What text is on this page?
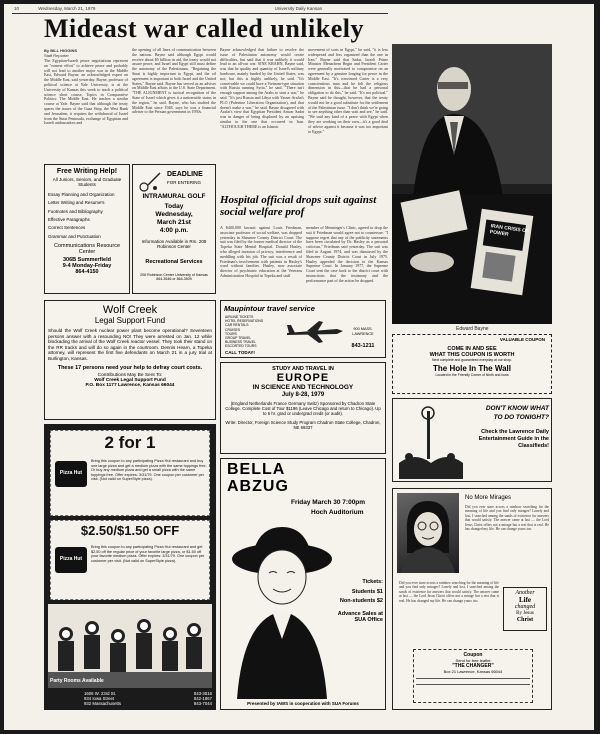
10	Wednesday, March 21, 1979	University Daily Kansan
Mideast war called unlikely
By BILL HIGGINS
Staff Reporter
The Egyptian-Israeli peace negotiations represent an "earnest effort" to achieve peace and probably will not lead to another major war in the Middle East, Edward Bayne, an acknowledged expert on the Middle East, said yesterday. Bayne, professor of political science at Yale University, is at the University of Kansas this week to teach a political science short course, Topics in Comparative Politics: The Middle East. He teaches a similar course at Yale. Bayne said that although the treaty spares the issues of the Gaza Strip, the West Bank and Jerusalem, it requires the withdrawal of Israel from the Sinai Peninsula, exchange of Egyptian and Israeli ambassadors and
the opening of all lines of communication between the nations. Bayne said although Egypt would receive about $5 billion in aid, the treaty would not assure peace, and Israel and Egypt still must define the autonomy of the Palestinians. "Regaining the Sinai is highly important to Egypt, and the oil agreement is important to both Israel and the United States," Bayne said. Bayne has served as an adviser on Middle East affairs to the U.S. State Department. "THE ALIGNMENT is tactical recognition of the State of Israel which gives it a nationwide status in the region," he said. Bayne, who has studied the Middle East since 1948, says he was a financial adviser to the Persian government in 1950s.
Bayne acknowledged that failure to resolve the issue of Palestinian autonomy would create difficulties, but said that it was unlikely it would lead to an all-out war. SINE KRAHN, Bayne said, was that he quality and quantity of Israel's military hardware, mainly funded by the United States, was not; but this is highly unlikely, he said. "It's conceivable we could have a Vietnam-type situation with Russia running Syria," he said. "There isn't enough support among the Arabs to start a war," he said. "It's just Russia and Libya with Yasser Arafat's PLO (Palestine Liberation Organization), and that doesn't make a war," he said. Bayne disagreed with Arafat's view that Egyptian President Anwar Sadat was in danger of being displaced by an uprising similar to the one that occurred in Iran. "ALTHOUGH THERE is an Islamic
movement of sorts in Egypt," he said, "it is less widespread and less organized than the one in Iran." Bayne said that Sadat, Israeli Prime Minister Menachem Begin and President Carter were generally motivated to compromise on an agreement by a genuine longing for peace in the Middle East. "It's convinced Carter is a very conscientious man and he felt the religious dimension in this—that he had a personal obligation to do this," he said. "It's not political." Bayne said he thought, however, that the treaty would not be a good substitute for the settlement of the Palestinian issue. "I don't think we're going to see anything other than wait and see," he said. "We said any kind of a peace with Egypt when they are working on their own—it's a good deal of advice against it because it was too important to Egypt."
IRAN CRISIS OF POWER
Edward Bayne
Free Writing Help!
All Juniors, Seniors, and Graduate Students
Essay Planning and Organization
Letter Writing and Resume's
Footnotes and Bibliography
Effective Paragraphs
Correct Sentences
Grammar and Punctuation
Communications Resource Center
306B Summerfield
9-4 Monday-Friday
864-4150
DEADLINE
FOR ENTERING
INTRAMURAL GOLF
Today
Wednesday,
March 21st
4:00 p.m.
Information Available in Rm. 208 Robinson Center
Recreational Services
208 Robinson Center University of Kansas 864-3546 or 864-3509
Hospital official drops suit against social welfare prof
A $400,000 lawsuit against Louis Friedman, associate professor of social welfare, was dropped yesterday in Shawnee County District Court. The suit was filed by the former medical director of the Topeka State Mental Hospital. Donald Hasley, who alleged invasion of privacy, interference and meddling with his job. The suit was a result of Friedman's involvement with patients in Hasley's ward without families. Hasley, now associate director of psychiatric education at the Veterans Administration Hospital in Topeka and staff
member of Menninger's Clinic, agreed to drop the suit if Friedman would agree not to countersue. "I suppose regret that any of the publicity statements have been circulated by Dr. Hasley as a personal criticism," Friedman said yesterday. The suit was filed in August 1974, and was dismissed by the Shawnee County District Court in July 1975. Hasley appealed the decision to the Kansas Supreme Court. In January 1977, the Supreme Court sent the case back to the district court with instructions that the testimony and the performance part of the action be dropped.
Wolf Creek
Legal Support Fund
Should the Wolf Creek nuclear power plant become operational? Seventeen persons answer with a resounding NO! They were arrested on Jan. 12 while blockading the arrival of the Wolf Creek reactor vessel. They took their stand on the RR tracks and will do so again in the courtroom. Dennis Hearn, a Topeka attorney, will represent the first five defendants on March 21 in a jury trial at Burlington, Kansas.
These 17 persons need your help to defray court costs.
Contributions May Be Sent To:
Wolf Creek Legal Support Fund
P.O. Box 1177 Lawrence, Kansas 66044
Maupintour travel service
AIRLINE TICKETS
HOTEL RESERVATIONS
CAR RENTALS
CRUISES
TOURS
GROUP TRAVEL
BUSINESS TRAVEL
ESCORTED TOURS
CALL TODAY!
900 MASS. LAWRENCE
843-1211
STUDY AND TRAVEL IN
EUROPE
IN SCIENCE AND TECHNOLOGY
July 8-28, 1979
(England Netherlands France Germany Switz) Sponsored by Chadron State College. Complete Cost of Tour $1196 (Leave Chicago and return to Chicago). Up to 6 hr. grad or undergrad credit (or audit).
Write: Director, Foreign Science Study Program Chadron State College, Chadron, NE 69337
2 for 1
Pizza Hut
Bring this coupon to any participating Pizza Hut restaurant and buy one large pizza and get a medium pizza with the same toppings free. Or buy any medium pizza and get a small pizza with the same toppings free. Offer expires: 3/31/79. One coupon per customer per visit. (Not valid on SuperStyle pizza).
$2.50/$1.50 OFF
Pizza Hut
Bring this coupon to any participating Pizza Hut restaurant and get $2.50 off the regular price of your favorite large pizza, or $1.50 off your favorite medium pizza. Offer expires: 3/31/79. One coupon per customer per visit. (Not valid on SuperStyle pizza).
Party Rooms Available
1606 W. 23rd St.	843-3516
934 Iowa Street	842-1867
932 Massachusetts	843-7044
BELLA ABZUG
Friday March 30 7:00pm
Hoch Auditorium
Tickets:
Students $1
Non-students $2
Advance Sales at SUA Office
Presented by IAWS in cooperation with SUA Forums
VALUABLE COUPON
COME IN AND SEE
WHAT THIS COUPON IS WORTH
Next complete and guaranteed everyday at our shop.
The Hole In The Wall
Located in the Friendly Corner of Ninth and Iowa
DON'T KNOW WHAT
TO DO TONIGHT?
Check the Lawrence Daily Entertainment Guide in the Classifieds!
No More Mirages
Did you ever stare across a rainbow searching for the meaning of life and you find only mirages? Lonely and lost, I searched among the sands of existence for answers that would satisfy. The answer came at last — the Lord Jesus Christ offers not a mirage but a rest that is real. He has changed my life. He can change yours too.
Did you ever stare across a rainbow searching for the meaning of life and you find only mirages? Lonely and lost, I searched among the sands of existence for answers that would satisfy. The answer came at last — the Lord Jesus Christ offers not a mirage but a rest that is real. He has changed my life. He can change yours too.
Another
Life
changed
By Jesus
Christ
Coupon
Send for free leaflet
"THE CHANGER"
Box 21 Lawrence, Kansas 66044
